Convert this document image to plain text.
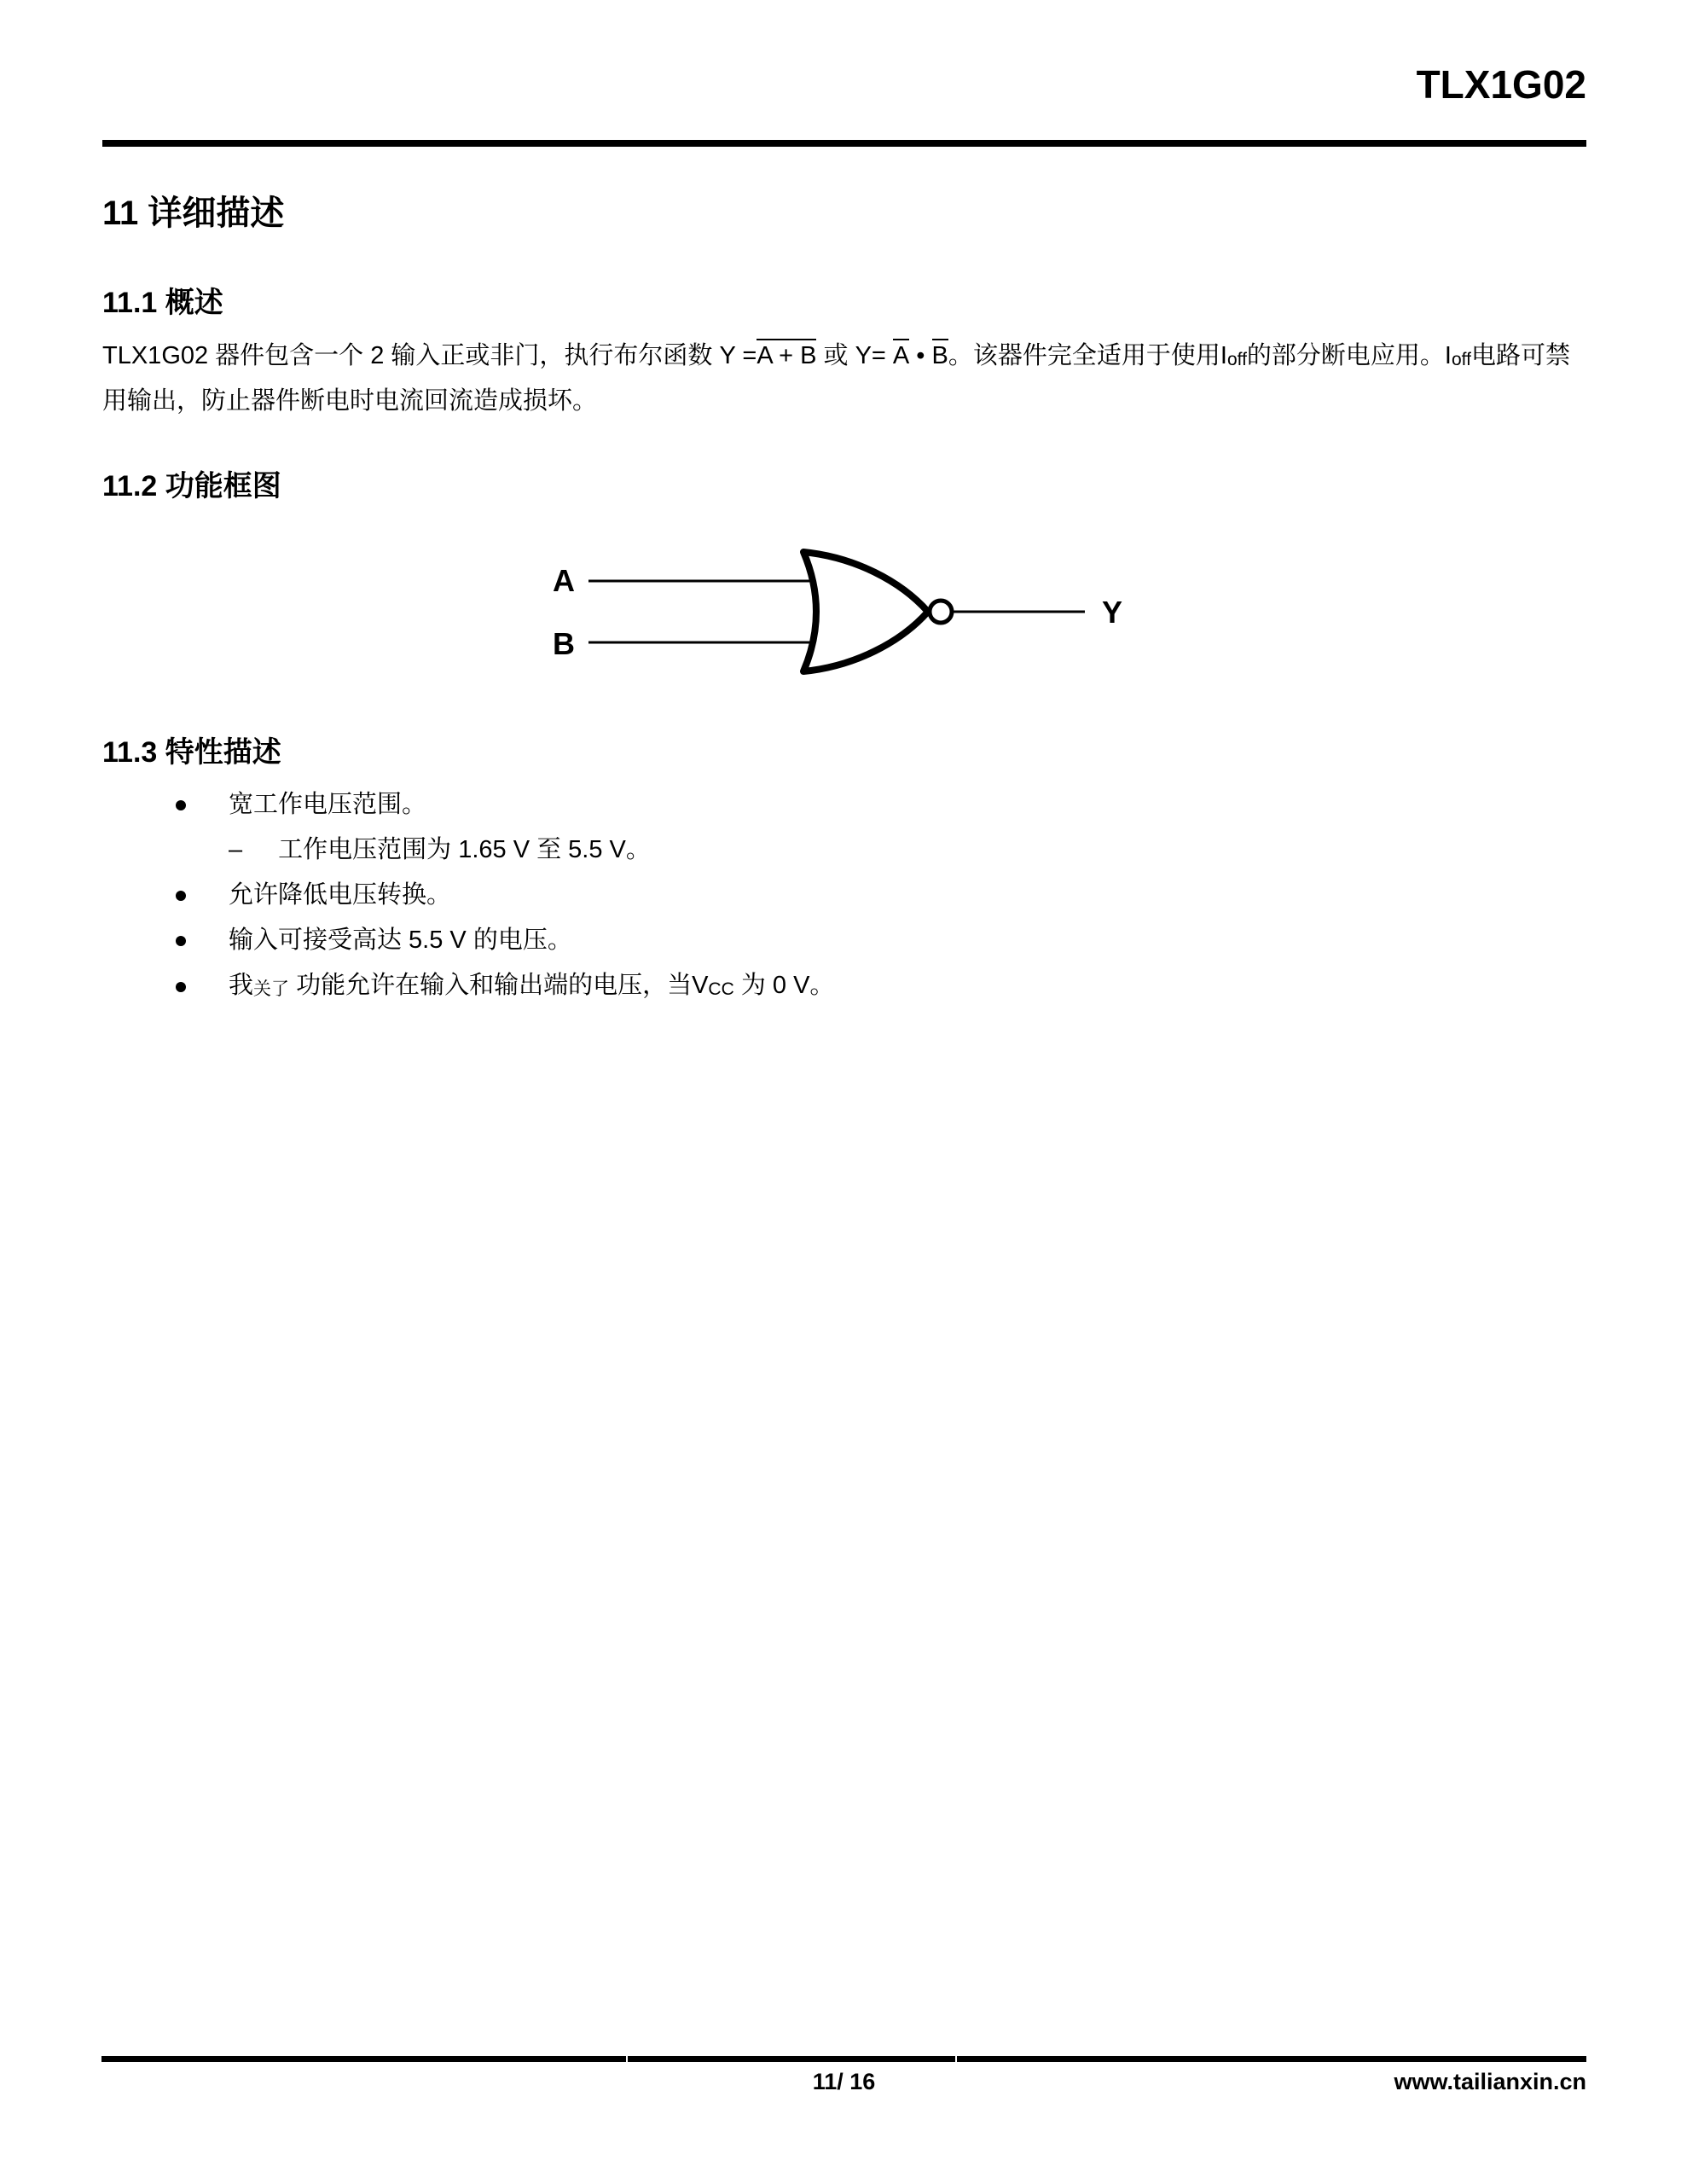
TLX1G02
11 详细描述
11.1 概述

TLX1G02 器件包含一个 2 输入正或非门，执行布尔函数 Y =A + B 或 Y= A • B。该器件完全适用于使用Ioff的部分断电应用。Ioff电路可禁用输出，防止器件断电时电流回流造成损坏。

11.2 功能框图
A
B
Y
11.3 特性描述
宽工作电压范围。
– 工作电压范围为 1.65 V 至 5.5 V。
允许降低电压转换。
输入可接受高达 5.5 V 的电压。
我关了 功能允许在输入和输出端的电压，当VCC 为 0 V。
11/ 16	www.tailianxin.cn
